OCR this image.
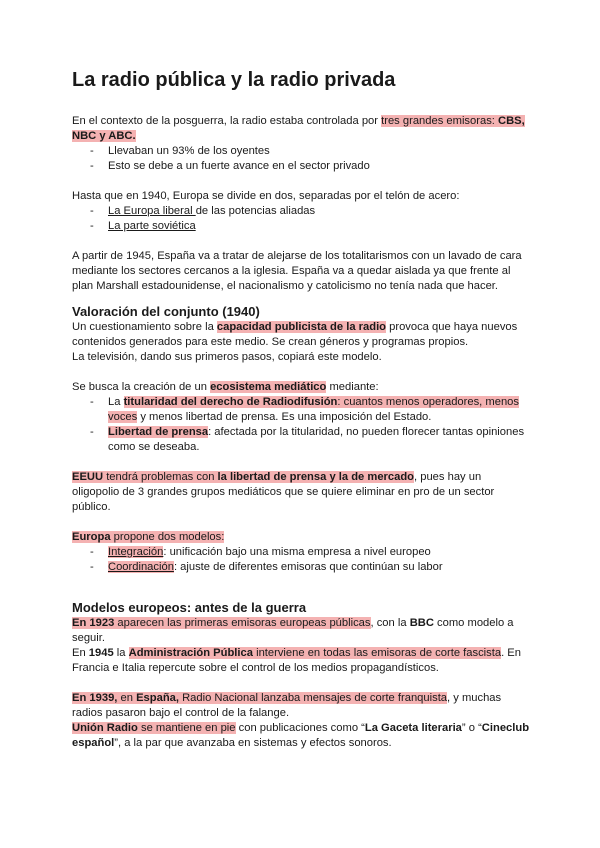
La radio pública y la radio privada

En el contexto de la posguerra, la radio estaba controlada por tres grandes emisoras: CBS, NBC y ABC.

- Llevaban un 93% de los oyentes
- Esto se debe a un fuerte avance en el sector privado

Hasta que en 1940, Europa se divide en dos, separadas por el telón de acero:

- La Europa liberal de las potencias aliadas
- La parte soviética

A partir de 1945, España va a tratar de alejarse de los totalitarismos con un lavado de cara mediante los sectores cercanos a la iglesia. España va a quedar aislada ya que frente al plan Marshall estadounidense, el nacionalismo y catolicismo no tenía nada que hacer.

Valoración del conjunto (1940)

Un cuestionamiento sobre la capacidad publicista de la radio provoca que haya nuevos contenidos generados para este medio. Se crean géneros y programas propios.

La televisión, dando sus primeros pasos, copiará este modelo.

Se busca la creación de un ecosistema mediático mediante:

- La titularidad del derecho de Radiodifusión: cuantos menos operadores, menos voces y menos libertad de prensa. Es una imposición del Estado.
- Libertad de prensa: afectada por la titularidad, no pueden florecer tantas opiniones como se deseaba.

EEUU tendrá problemas con la libertad de prensa y la de mercado, pues hay un oligopolio de 3 grandes grupos mediáticos que se quiere eliminar en pro de un sector público.

Europa propone dos modelos:

- Integración: unificación bajo una misma empresa a nivel europeo
- Coordinación: ajuste de diferentes emisoras que continúan su labor
Modelos europeos: antes de la guerra

En 1923 aparecen las primeras emisoras europeas públicas, con la BBC como modelo a seguir.

En 1945 la Administración Pública interviene en todas las emisoras de corte fascista. En Francia e Italia repercute sobre el control de los medios propagandísticos.

En 1939, en España, Radio Nacional lanzaba mensajes de corte franquista, y muchas radios pasaron bajo el control de la falange.

Unión Radio se mantiene en pie con publicaciones como “La Gaceta literaria” o “Cineclub español”, a la par que avanzaba en sistemas y efectos sonoros.
